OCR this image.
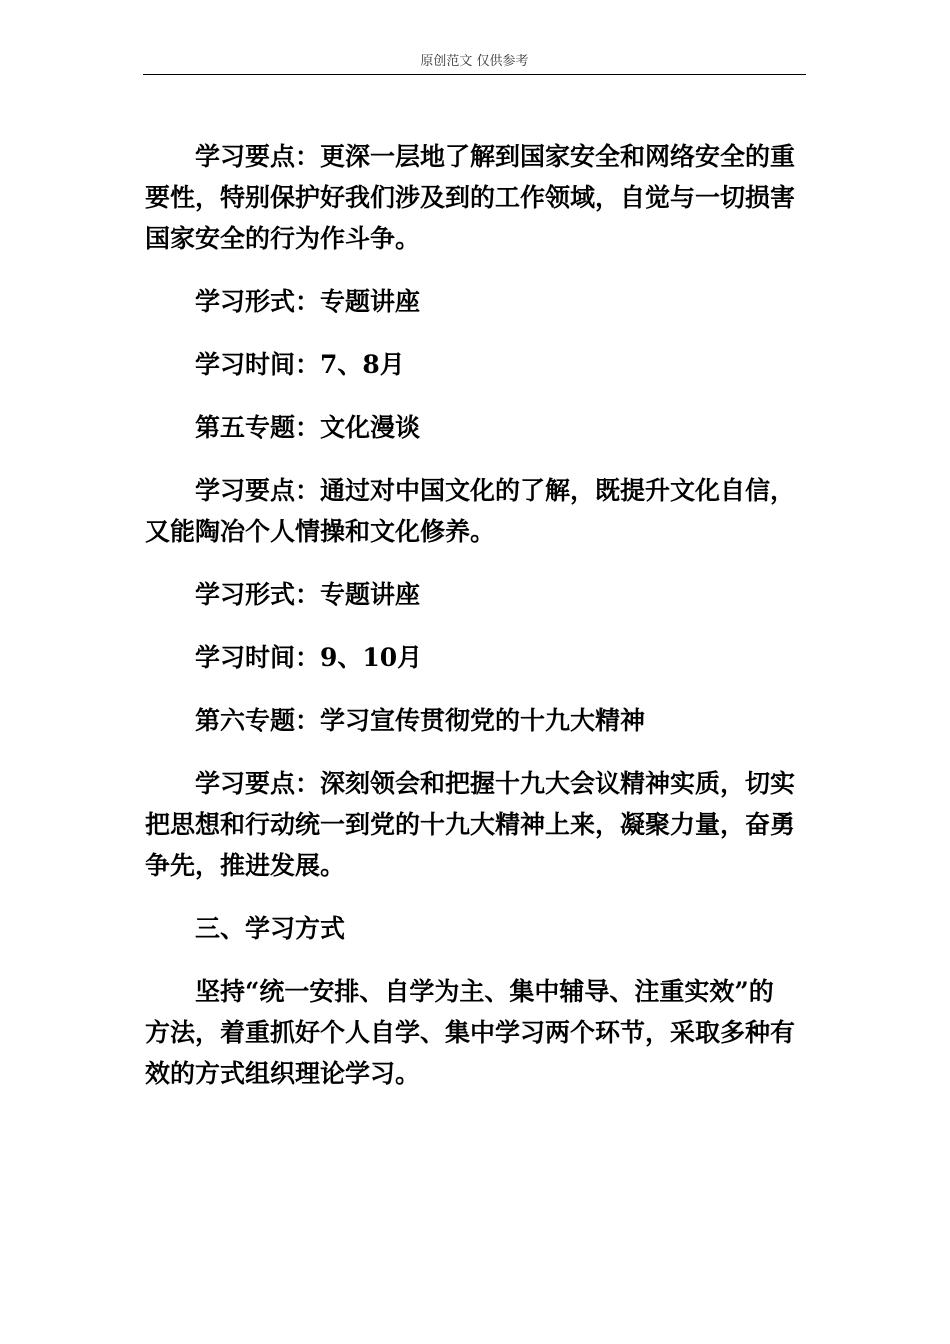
原创范文 仅供参考

学习要点：更深一层地了解到国家安全和网络安全的重要性，特别保护好我们涉及到的工作领域，自觉与一切损害国家安全的行为作斗争。

学习形式：专题讲座

学习时间：7、8月

第五专题：文化漫谈

学习要点：通过对中国文化的了解，既提升文化自信，又能陶冶个人情操和文化修养。

学习形式：专题讲座

学习时间：9、10月

第六专题：学习宣传贯彻党的十九大精神

学习要点：深刻领会和把握十九大会议精神实质，切实把思想和行动统一到党的十九大精神上来，凝聚力量，奋勇争先，推进发展。

三、学习方式

坚持“统一安排、自学为主、集中辅导、注重实效”的方法，着重抓好个人自学、集中学习两个环节，采取多种有效的方式组织理论学习。
